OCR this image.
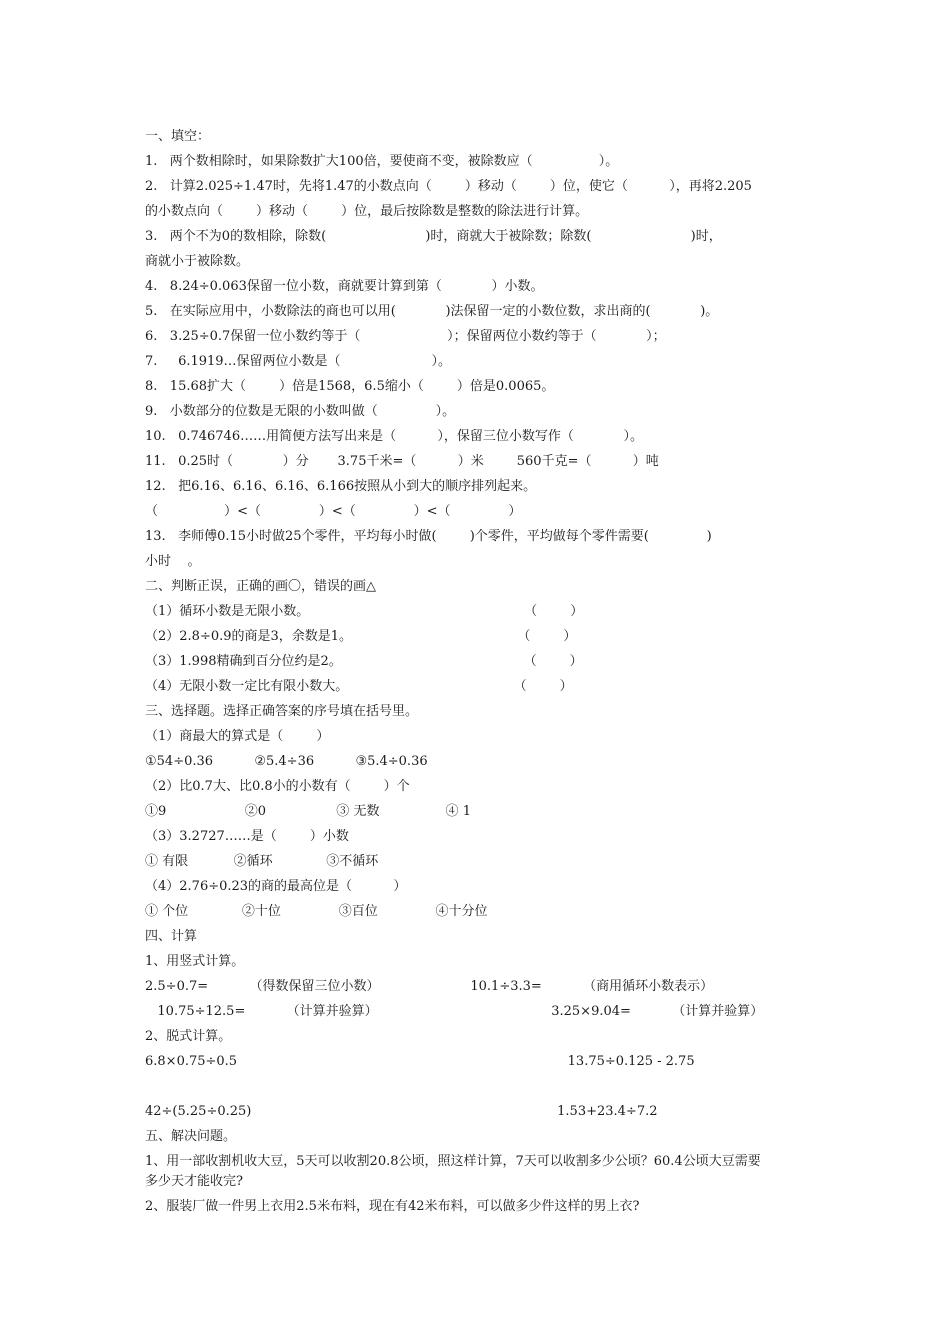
一、填空：
1.   两个数相除时，如果除数扩大100倍，要使商不变，被除数应（                ）。
2.   计算2.025÷1.47时，先将1.47的小数点向（        ）移动（        ）位，使它（          ），再将2.205
的小数点向（        ）移动（        ）位，最后按除数是整数的除法进行计算。
3.   两个不为0的数相除，除数(                        )时，商就大于被除数；除数(                        )时，
商就小于被除数。
4.   8.24÷0.063保留一位小数，商就要计算到第（            ）小数。
5.   在实际应用中，小数除法的商也可以用(            )法保留一定的小数位数，求出商的(            )。
6.   3.25÷0.7保留一位小数约等于（                     ）；保留两位小数约等于（            ）；
7.     6.1919…保留两位小数是（                      ）。
8.   15.68扩大（        ）倍是1568，6.5缩小（        ）倍是0.0065。
9.   小数部分的位数是无限的小数叫做（              ）。
10.   0.746746……用简便方法写出来是（          ），保留三位小数写作（            ）。
11.   0.25时（            ）分       3.75千米=（          ）米        560千克=（          ）吨
12.   把6.16、6.16、6.16、6.166按照从小到大的顺序排列起来。
（                ）<（              ）<（              ）<（              ）
13.   李师傅0.15小时做25个零件，平均每小时做(        )个零件，平均做每个零件需要(              )
小时    。
二、判断正误，正确的画〇，错误的画△
（1）循环小数是无限小数。                                                    （        ）
（2）2.8÷0.9的商是3，余数是1。                                        （        ）
（3）1.998精确到百分位约是2。                                            （        ）
（4）无限小数一定比有限小数大。                                        （        ）
三、选择题。选择正确答案的序号填在括号里。
（1）商最大的算式是（        ）
①54÷0.36          ②5.4÷36          ③5.4÷0.36
（2）比0.7大、比0.8小的小数有（        ）个
①9                   ②0                 ③ 无数                ④ 1
（3）3.2727……是（        ）小数
① 有限           ②循环             ③不循环
（4）2.76÷0.23的商的最高位是（          ）
① 个位             ②十位              ③百位              ④十分位
四、计算
1、用竖式计算。
2.5÷0.7=          （得数保留三位小数）                      10.1÷3.3=          （商用循环小数表示）
10.75÷12.5=          （计算并验算）                                          3.25×9.04=          （计算并验算）
2、脱式计算。
6.8×0.75÷0.5                                                                                13.75÷0.125 - 2.75
42÷(5.25÷0.25)                                                                          1.53+23.4÷7.2
五、解决问题。
1、用一部收割机收大豆，5天可以收割20.8公顷，照这样计算，7天可以收割多少公顷？60.4公顷大豆需要
多少天才能收完?
2、服装厂做一件男上衣用2.5米布料，现在有42米布料，可以做多少件这样的男上衣?
